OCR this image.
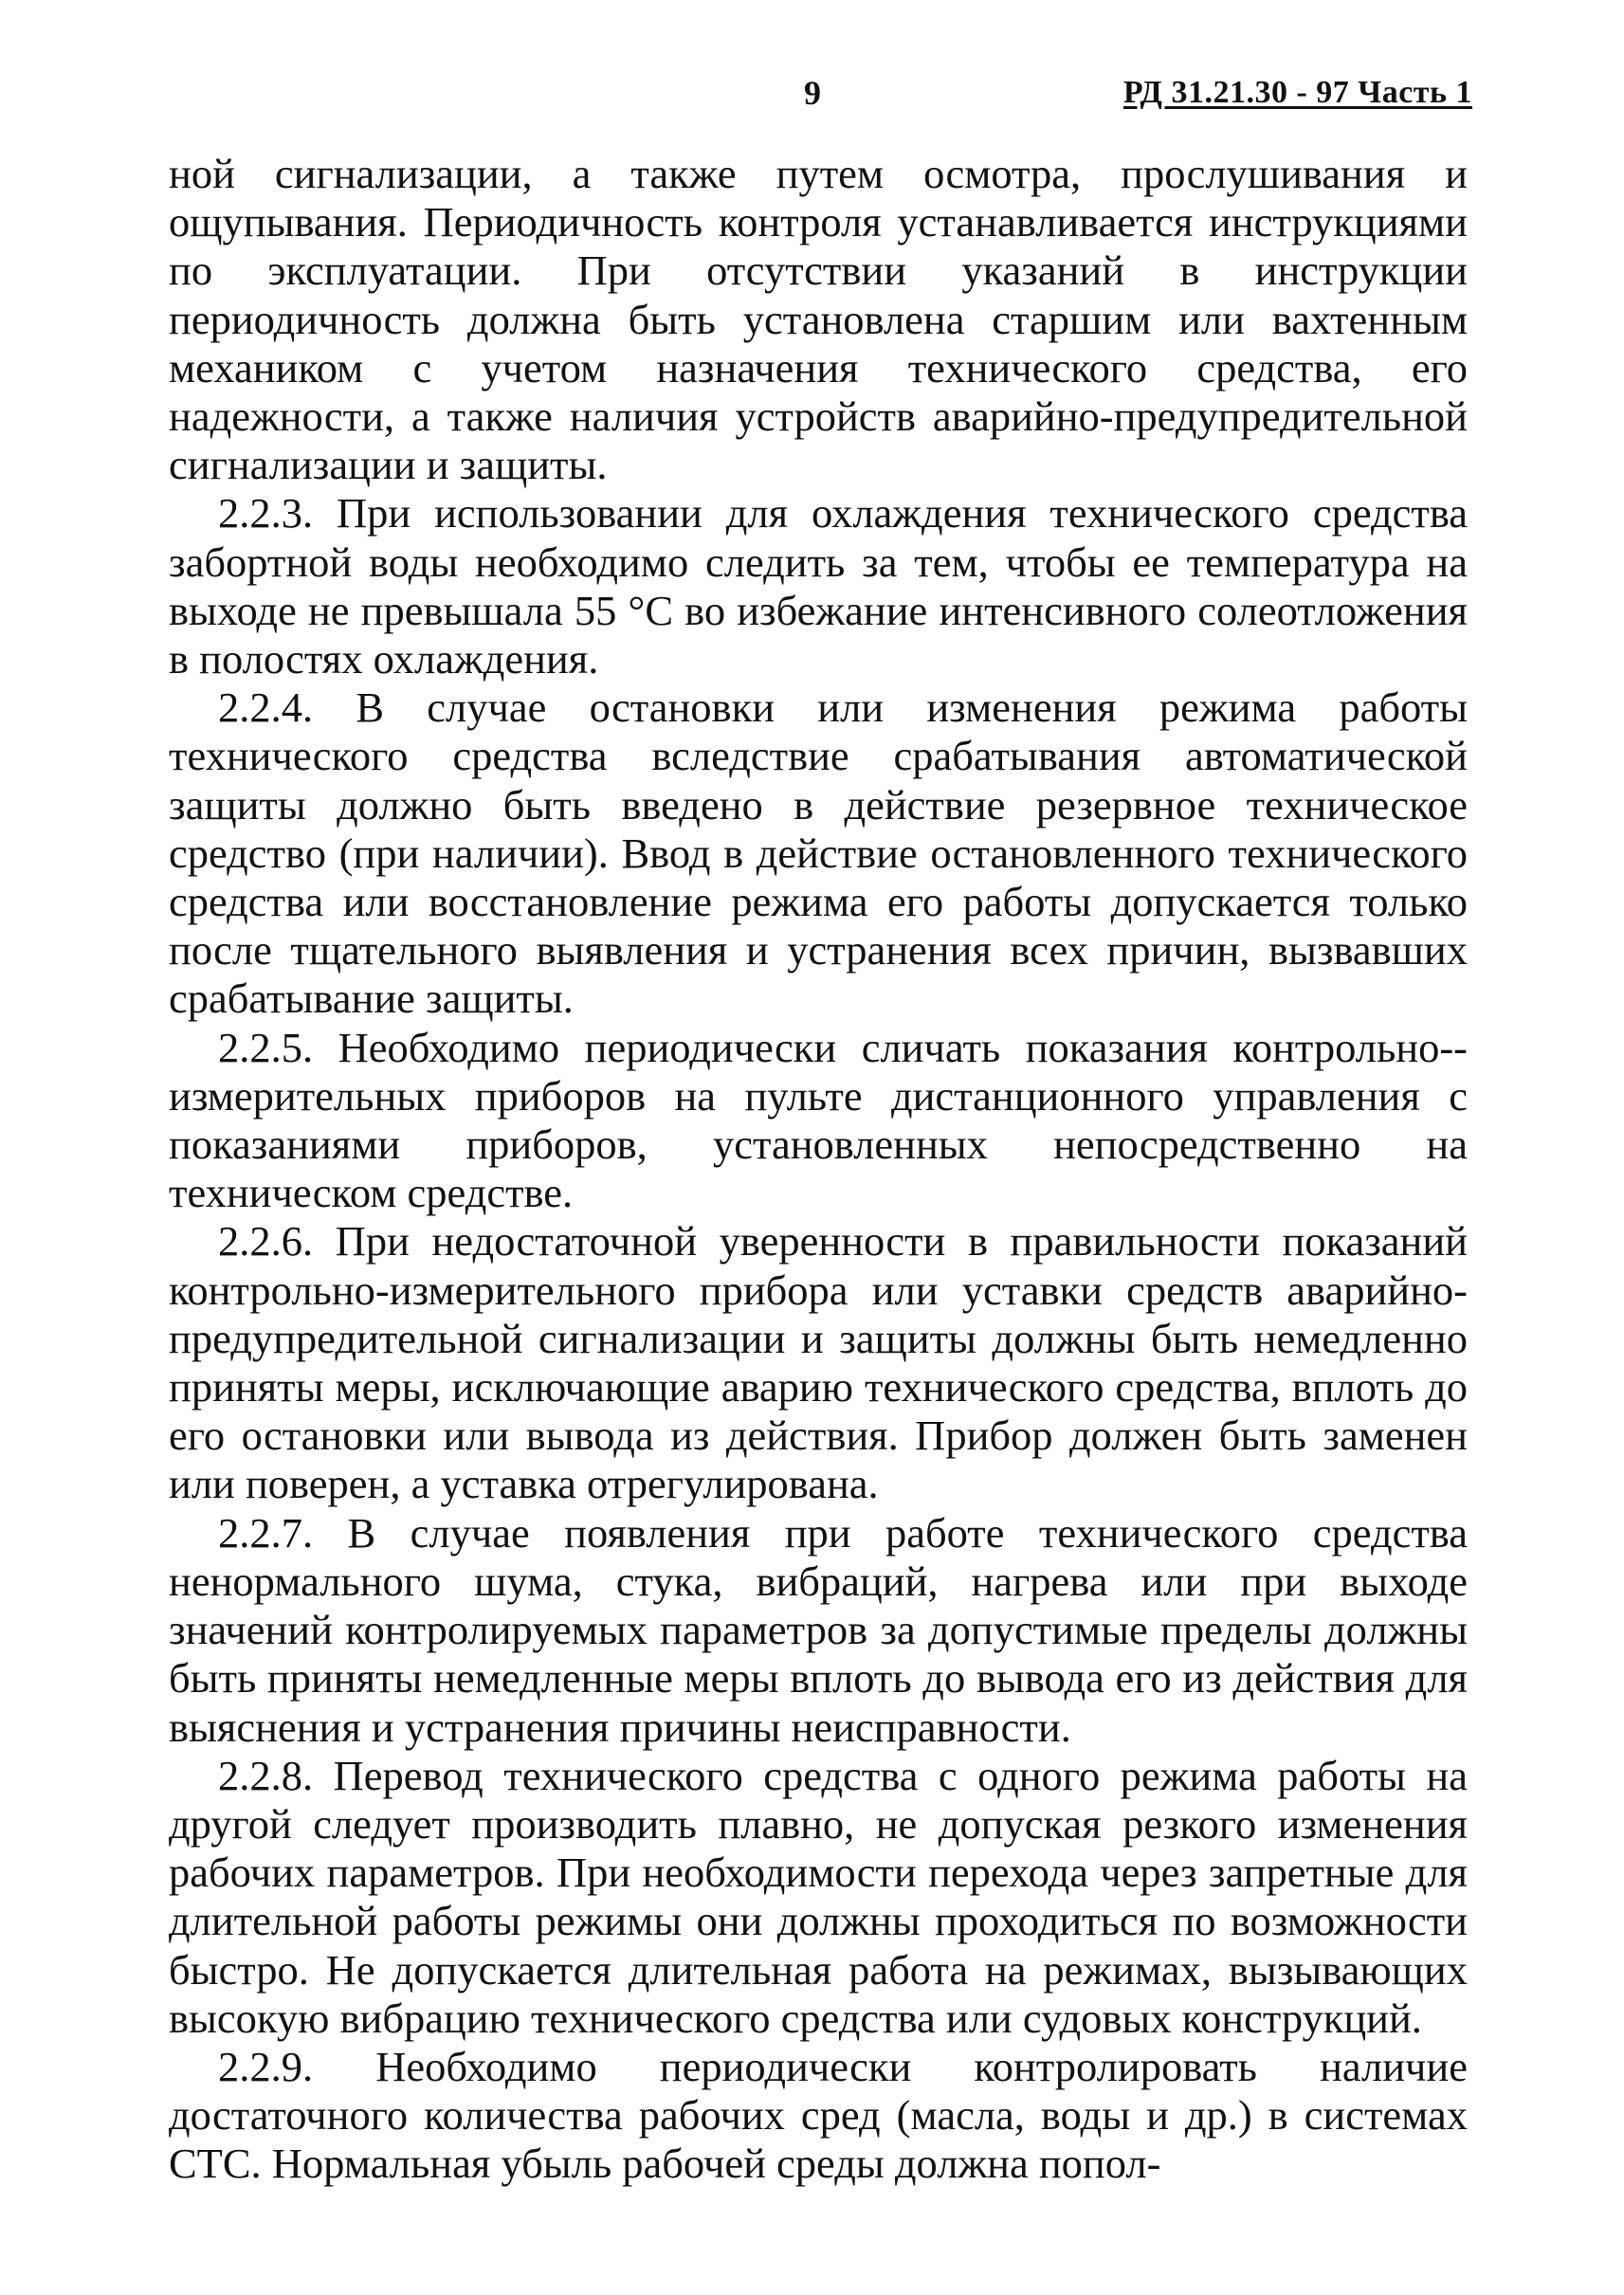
9	РД 31.21.30 - 97 Часть 1

ной сигнализации, а также путем осмотра, прослушивания и ощупывания. Периодичность контроля устанавливается инструкциями по эксплуатации. При отсутствии указаний в инструкции периодичность должна быть установлена старшим или вахтенным механиком с учетом назначения технического средства, его надежности, а также наличия устройств аварийно-предупредительной сигнализации и защиты.

2.2.3. При использовании для охлаждения технического средства забортной воды необходимо следить за тем, чтобы ее температура на выходе не превышала 55 °С во избежание интенсивного солеотложения в полостях охлаждения.

2.2.4. В случае остановки или изменения режима работы технического средства вследствие срабатывания автоматической защиты должно быть введено в действие резервное техническое средство (при наличии). Ввод в действие остановленного технического средства или восстановление режима его работы допускается только после тщательного выявления и устранения всех причин, вызвавших срабатывание защиты.

2.2.5. Необходимо периодически сличать показания контрольно--измерительных приборов на пульте дистанционного управления с показаниями приборов, установленных непосредственно на техническом средстве.

2.2.6. При недостаточной уверенности в правильности показаний контрольно-измерительного прибора или уставки средств аварийно-предупредительной сигнализации и защиты должны быть немедленно приняты меры, исключающие аварию технического средства, вплоть до его остановки или вывода из действия. Прибор должен быть заменен или поверен, а уставка отрегулирована.

2.2.7. В случае появления при работе технического средства ненормального шума, стука, вибраций, нагрева или при выходе значений контролируемых параметров за допустимые пределы должны быть приняты немедленные меры вплоть до вывода его из действия для выяснения и устранения причины неисправности.

2.2.8. Перевод технического средства с одного режима работы на другой следует производить плавно, не допуская резкого изменения рабочих параметров. При необходимости перехода через запретные для длительной работы режимы они должны проходиться по возможности быстро. Не допускается длительная работа на режимах, вызывающих высокую вибрацию технического средства или судовых конструкций.

2.2.9. Необходимо периодически контролировать наличие достаточного количества рабочих сред (масла, воды и др.) в системах СТС. Нормальная убыль рабочей среды должна попол-
